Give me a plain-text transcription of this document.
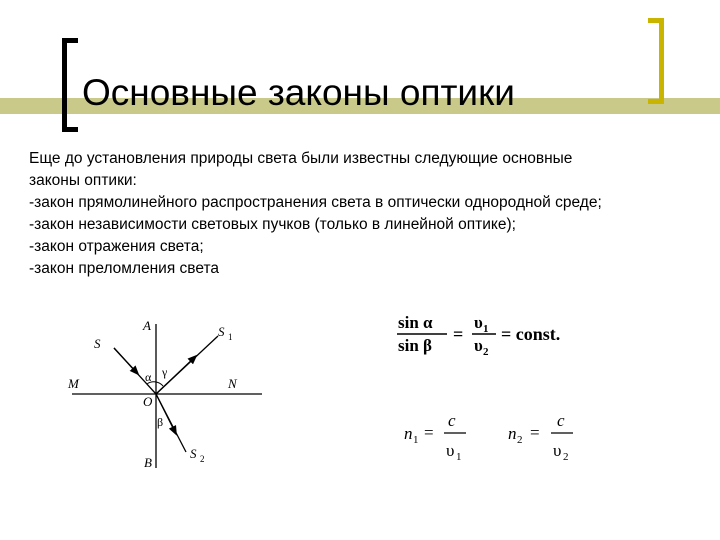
Основные законы оптики
Еще до установления природы света были известны следующие основные
законы оптики:
-закон прямолинейного распространения света в оптически однородной среде;
-закон независимости световых пучков (только в линейной оптике);
-закон отражения света;
-закон преломления света
A
B
M	N
O
S
S 1
S 2
α γ
β
sin α
sin β
=
υ 1
υ 2
= const.
n 1 =
c
υ 1
n 2 =
c
υ 2
